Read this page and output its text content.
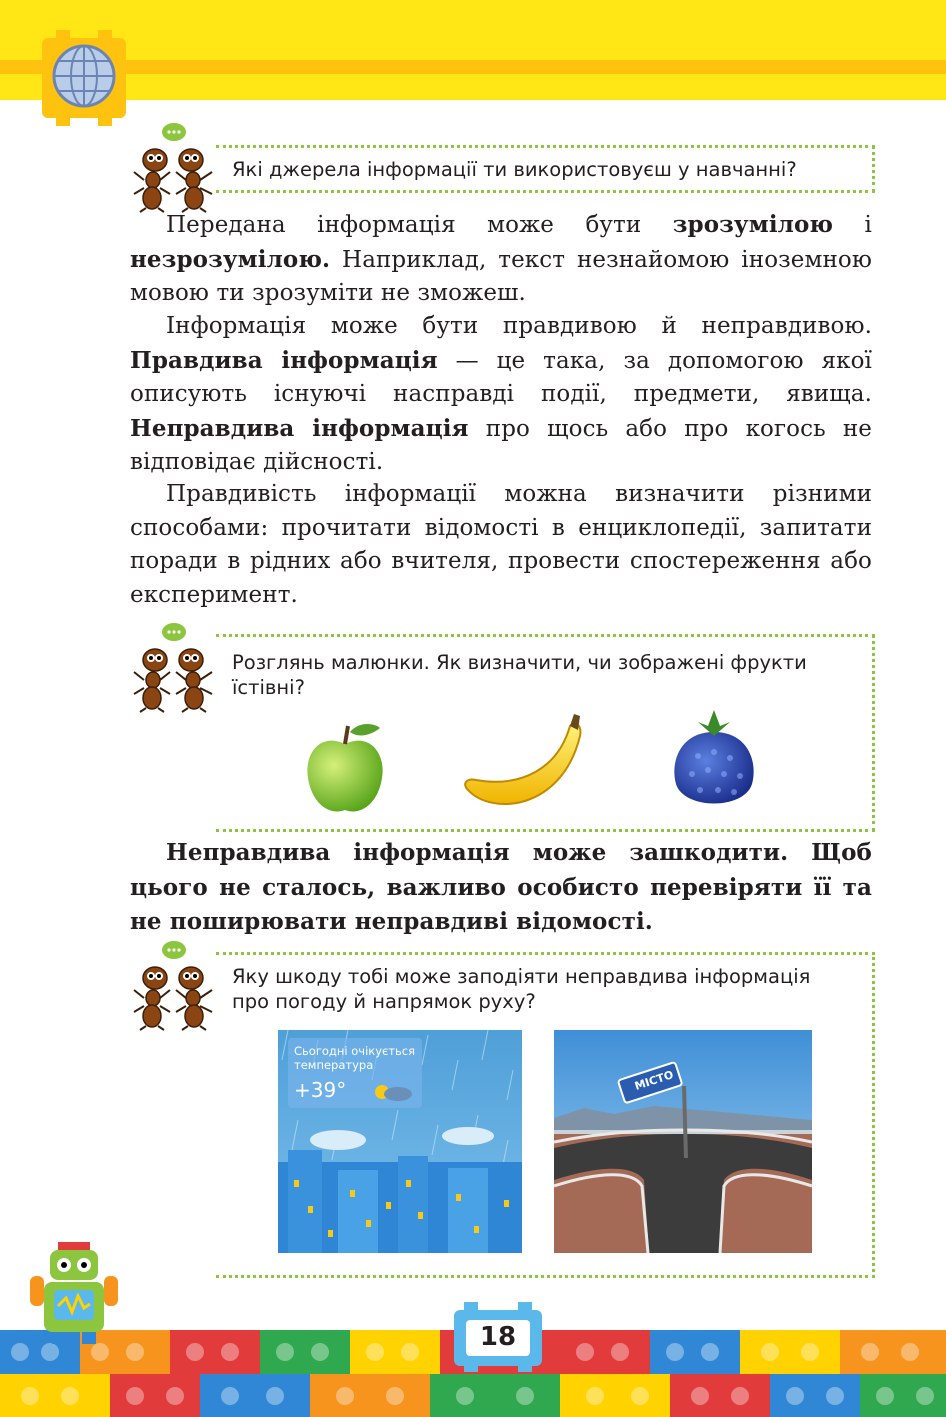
Які джерела інформації ти використовуєш у навчанні?
Передана інформація може бути зрозумілою і незрозумілою. Наприклад, текст незнайомою іноземною мовою ти зрозуміти не зможеш.
Інформація може бути правдивою й неправдивою. Правдива інформація — це така, за допомогою якої описують існуючі насправді події, предмети, явища. Неправдива інформація про щось або про когось не відповідає дійсності.
Правдивість інформації можна визначити різними способами: прочитати відомості в енциклопедії, запитати поради в рідних або вчителя, провести спостереження або експеримент.
Розглянь малюнки. Як визначити, чи зображені фрукти
їстівні?
Неправдива інформація може зашкодити. Щоб цього не сталось, важливо особисто перевіряти її та не поширювати неправдиві відомості.
Яку шкоду тобі може заподіяти неправдива інформація
про погоду й напрямок руху?
Сьогодні очікується
температура
+39°	МІСТО
18
